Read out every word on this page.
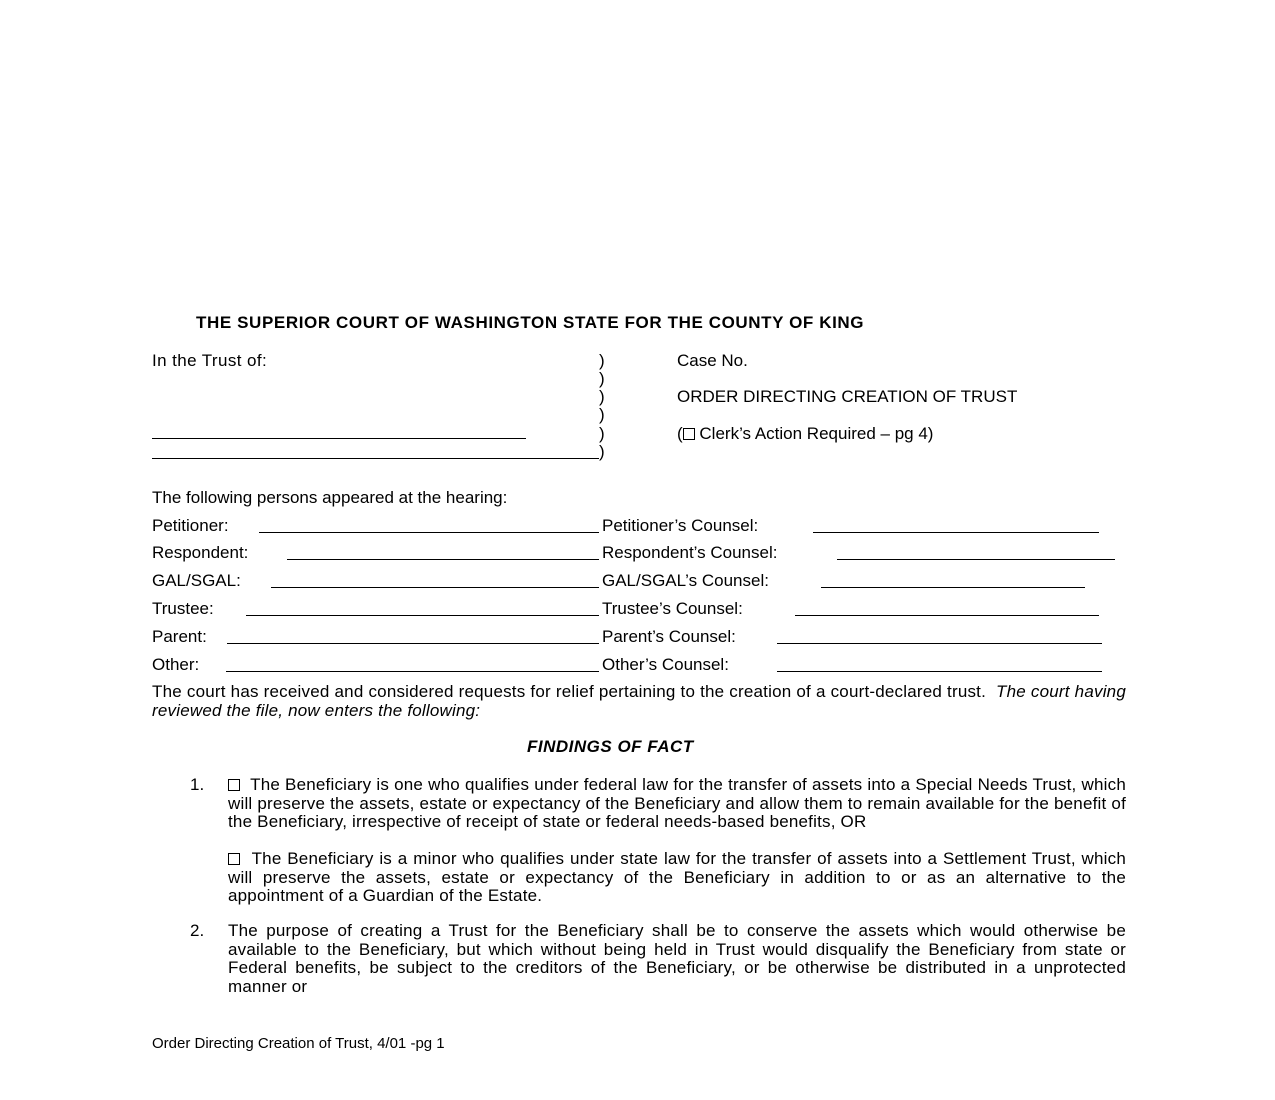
THE SUPERIOR COURT OF WASHINGTON STATE FOR THE COUNTY OF KING
In the Trust of:	)
)
)
)
)
)
Case No.
ORDER DIRECTING CREATION OF TRUST
( Clerk’s Action Required – pg 4)
The following persons appeared at the hearing:
Petitioner:	Petitioner’s Counsel:
Respondent:	Respondent’s Counsel:
GAL/SGAL:	GAL/SGAL’s Counsel:
Trustee:	Trustee’s Counsel:
Parent:	Parent’s Counsel:
Other:	Other’s Counsel:
The court has received and considered requests for relief pertaining to the creation of a court-declared trust. The court having reviewed the file, now enters the following:
FINDINGS OF FACT
1.	The Beneficiary is one who qualifies under federal law for the transfer of assets into a Special Needs Trust, which will preserve the assets, estate or expectancy of the Beneficiary and allow them to remain available for the benefit of the Beneficiary, irrespective of receipt of state or federal needs-based benefits, OR
The Beneficiary is a minor who qualifies under state law for the transfer of assets into a Settlement Trust, which will preserve the assets, estate or expectancy of the Beneficiary in addition to or as an alternative to the appointment of a Guardian of the Estate.
2. The purpose of creating a Trust for the Beneficiary shall be to conserve the assets which would otherwise be available to the Beneficiary, but which without being held in Trust would disqualify the Beneficiary from state or Federal benefits, be subject to the creditors of the Beneficiary, or be otherwise be distributed in a unprotected manner or
Order Directing Creation of Trust, 4/01 -pg 1
